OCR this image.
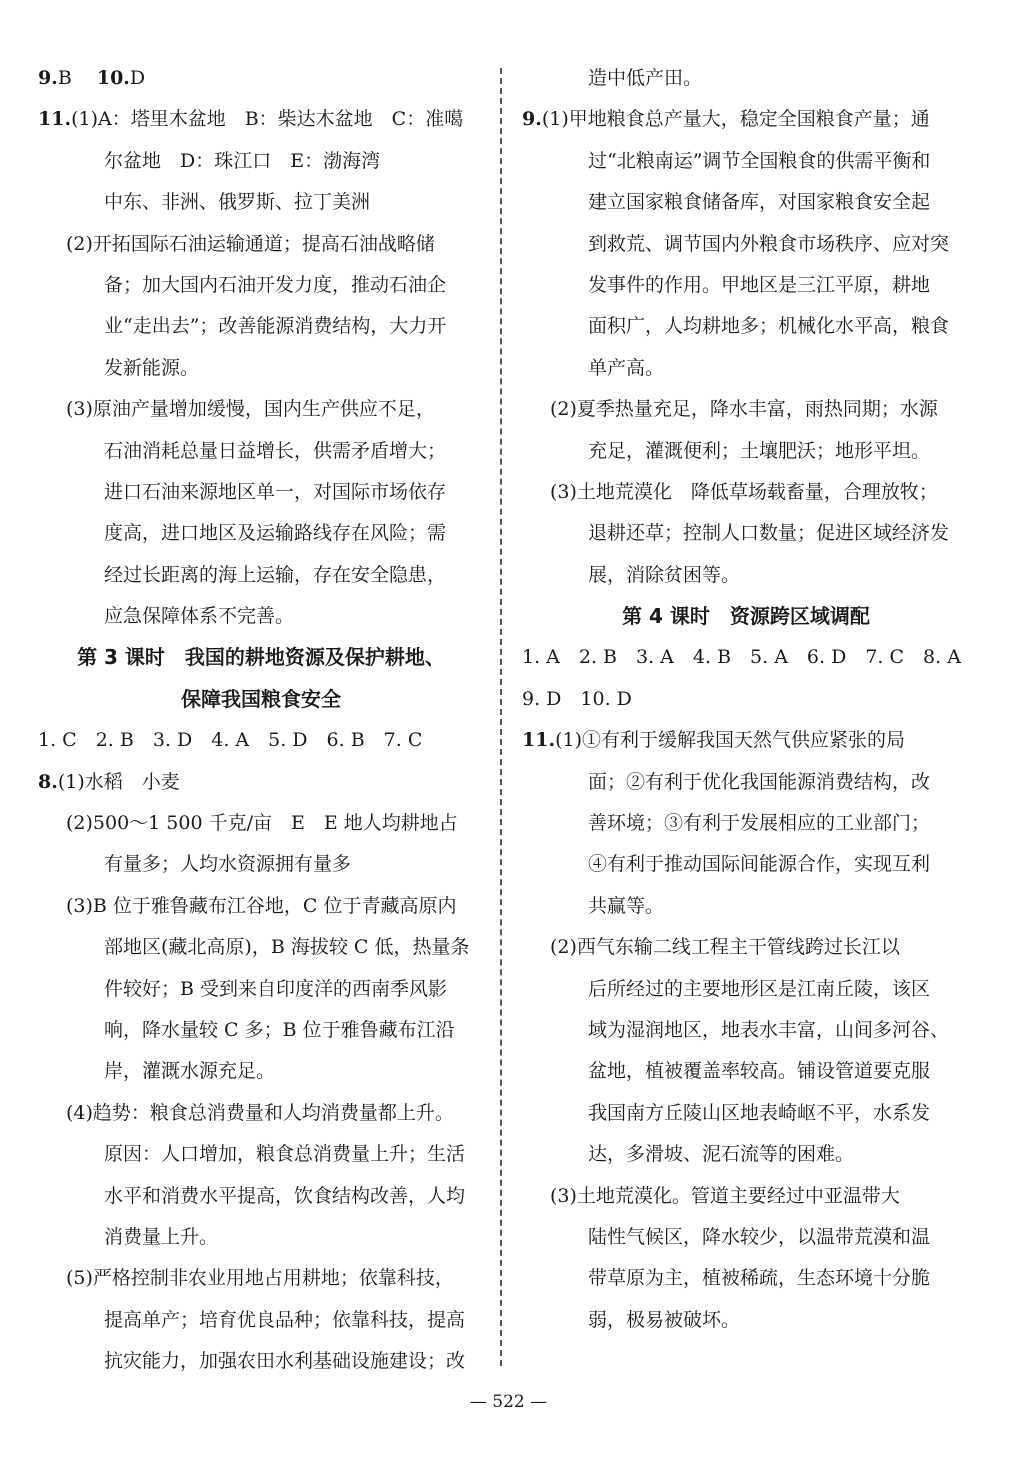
9.B　 10.D
11.(1)A：塔里木盆地　B：柴达木盆地　C：准噶
尔盆地　D：珠江口　E：渤海湾
中东、非洲、俄罗斯、拉丁美洲
(2)开拓国际石油运输通道；提高石油战略储
备；加大国内石油开发力度，推动石油企
业“走出去”；改善能源消费结构，大力开
发新能源。
(3)原油产量增加缓慢，国内生产供应不足，
石油消耗总量日益增长，供需矛盾增大；
进口石油来源地区单一，对国际市场依存
度高，进口地区及运输路线存在风险；需
经过长距离的海上运输，存在安全隐患，
应急保障体系不完善。
第 3 课时　我国的耕地资源及保护耕地、
保障我国粮食安全
1. C　2. B　3. D　4. A　5. D　6. B　7. C
8.(1)水稻　小麦
(2)500～1 500 千克/亩　E　E 地人均耕地占
有量多；人均水资源拥有量多
(3)B 位于雅鲁藏布江谷地，C 位于青藏高原内
部地区(藏北高原)，B 海拔较 C 低，热量条
件较好；B 受到来自印度洋的西南季风影
响，降水量较 C 多；B 位于雅鲁藏布江沿
岸，灌溉水源充足。
(4)趋势：粮食总消费量和人均消费量都上升。
原因：人口增加，粮食总消费量上升；生活
水平和消费水平提高，饮食结构改善，人均
消费量上升。
(5)严格控制非农业用地占用耕地；依靠科技，
提高单产；培育优良品种；依靠科技，提高
抗灾能力，加强农田水利基础设施建设；改
造中低产田。
9.(1)甲地粮食总产量大，稳定全国粮食产量；通
过“北粮南运”调节全国粮食的供需平衡和
建立国家粮食储备库，对国家粮食安全起
到救荒、调节国内外粮食市场秩序、应对突
发事件的作用。甲地区是三江平原，耕地
面积广，人均耕地多；机械化水平高，粮食
单产高。
(2)夏季热量充足，降水丰富，雨热同期；水源
充足，灌溉便利；土壤肥沃；地形平坦。
(3)土地荒漠化　降低草场载畜量，合理放牧；
退耕还草；控制人口数量；促进区域经济发
展，消除贫困等。
第 4 课时　资源跨区域调配
1. A　2. B　3. A　4. B　5. A　6. D　7. C　8. A
9. D　10. D
11.(1)①有利于缓解我国天然气供应紧张的局
面；②有利于优化我国能源消费结构，改
善环境；③有利于发展相应的工业部门；
④有利于推动国际间能源合作，实现互利
共赢等。
(2)西气东输二线工程主干管线跨过长江以
后所经过的主要地形区是江南丘陵，该区
域为湿润地区，地表水丰富，山间多河谷、
盆地，植被覆盖率较高。铺设管道要克服
我国南方丘陵山区地表崎岖不平，水系发
达，多滑坡、泥石流等的困难。
(3)土地荒漠化。管道主要经过中亚温带大
陆性气候区，降水较少，以温带荒漠和温
带草原为主，植被稀疏，生态环境十分脆
弱，极易被破坏。
— 522 —
